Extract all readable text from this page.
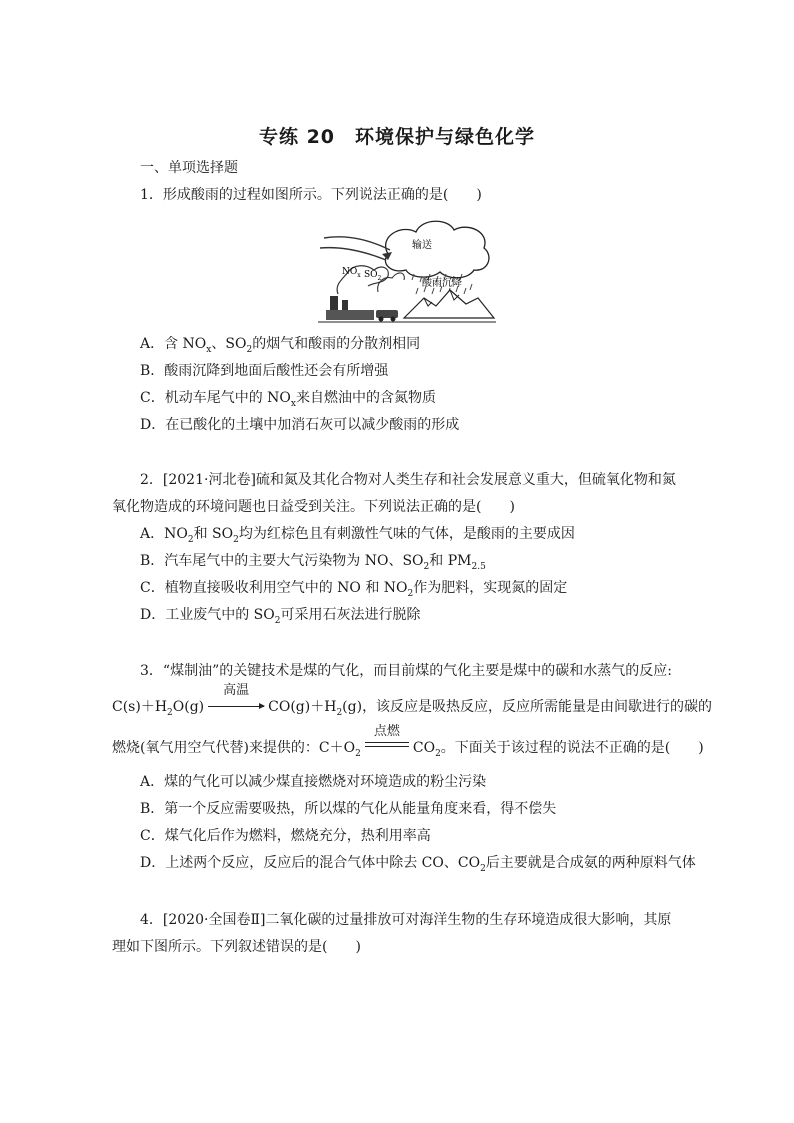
专练 20　环境保护与绿色化学
一、单项选择题
1．形成酸雨的过程如图所示。下列说法正确的是(　　)
输送
$NO_x$ $SO_2$	酸雨沉降
A．含 $NO_x$、$SO_2$的烟气和酸雨的分散剂相同
B．酸雨沉降到地面后酸性还会有所增强
C．机动车尾气中的 $NO_x$来自燃油中的含氮物质
D．在已酸化的土壤中加消石灰可以减少酸雨的形成
2．[2021·河北卷]硫和氮及其化合物对人类生存和社会发展意义重大，但硫氧化物和氮
氧化物造成的环境问题也日益受到关注。下列说法正确的是(　　)
A．$NO_2$和 $SO_2$均为红棕色且有刺激性气味的气体，是酸雨的主要成因
B．汽车尾气中的主要大气污染物为 NO、$SO_2$和 $PM_{2.5}$
C．植物直接吸收利用空气中的 NO 和 $NO_2$作为肥料，实现氮的固定
D．工业废气中的 $SO_2$可采用石灰法进行脱除
3．“煤制油”的关键技术是煤的气化，而目前煤的气化主要是煤中的碳和水蒸气的反应:
$C(s)+H_2O(g)$
高温
$CO(g)+H_2(g)$，该反应是吸热反应，反应所需能量是由间歇进行的碳的
燃烧(氧气用空气代替)来提供的：$C+O_2$
点燃
$CO_2$。下面关于该过程的说法不正确的是(　　)
A．煤的气化可以减少煤直接燃烧对环境造成的粉尘污染
B．第一个反应需要吸热，所以煤的气化从能量角度来看，得不偿失
C．煤气化后作为燃料，燃烧充分，热利用率高
D．上述两个反应，反应后的混合气体中除去 CO、$CO_2$后主要就是合成氨的两种原料气体
4．[2020·全国卷Ⅱ]二氧化碳的过量排放可对海洋生物的生存环境造成很大影响，其原
理如下图所示。下列叙述错误的是(　　)
